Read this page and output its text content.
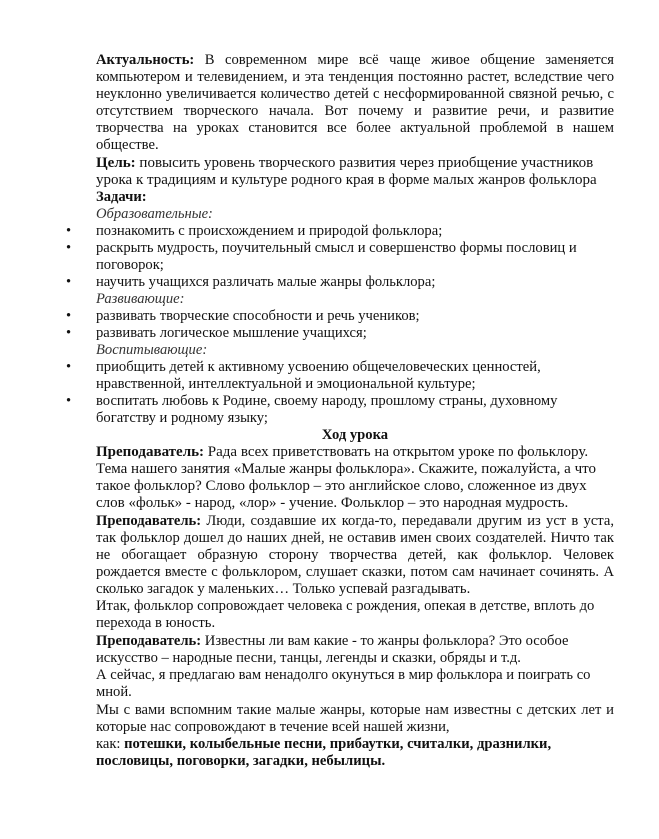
Актуальность: В современном мире всё чаще живое общение заменяется компьютером и телевидением, и эта тенденция постоянно растет, вследствие чего неуклонно увеличивается количество детей с несформированной связной речью, с отсутствием творческого начала. Вот почему и развитие речи, и развитие творчества на уроках становится все более актуальной проблемой в нашем обществе.

Цель: повысить уровень творческого развития через приобщение участников урока к традициям и культуре родного края в форме малых жанров фольклора

Задачи:

Образовательные:

• познакомить с происхождением и природой фольклора;
• раскрыть мудрость, поучительный смысл и совершенство формы пословиц и поговорок;
• научить учащихся различать малые жанры фольклора;

Развивающие:

• развивать творческие способности и речь учеников;
• развивать логическое мышление учащихся;

Воспитывающие:

• приобщить детей к активному усвоению общечеловеческих ценностей, нравственной, интеллектуальной и эмоциональной культуре;
• воспитать любовь к Родине, своему народу, прошлому страны, духовному богатству и родному языку;

Ход урока

Преподаватель: Рада всех приветствовать на открытом уроке по фольклору. Тема нашего занятия «Малые жанры фольклора». Скажите, пожалуйста, а что такое фольклор? Слово фольклор – это английское слово, сложенное из двух слов «фольк» - народ, «лор» - учение. Фольклор – это народная мудрость.

Преподаватель: Люди, создавшие их когда-то, передавали другим из уст в уста, так фольклор дошел до наших дней, не оставив имен своих создателей. Ничто так не обогащает образную сторону творчества детей, как фольклор. Человек рождается вместе с фольклором, слушает сказки, потом сам начинает сочинять. А сколько загадок у маленьких… Только успевай разгадывать.

Итак, фольклор сопровождает человека с рождения, опекая в детстве, вплоть до перехода в юность.

Преподаватель: Известны ли вам какие - то жанры фольклора? Это особое искусство – народные песни, танцы, легенды и сказки, обряды и т.д.

А сейчас, я предлагаю вам ненадолго окунуться в мир фольклора и поиграть со мной.

Мы с вами вспомним такие малые жанры, которые нам известны с детских лет и которые нас сопровождают в течение всей нашей жизни,

как: потешки, колыбельные песни, прибаутки, считалки, дразнилки, пословицы, поговорки, загадки, небылицы.
